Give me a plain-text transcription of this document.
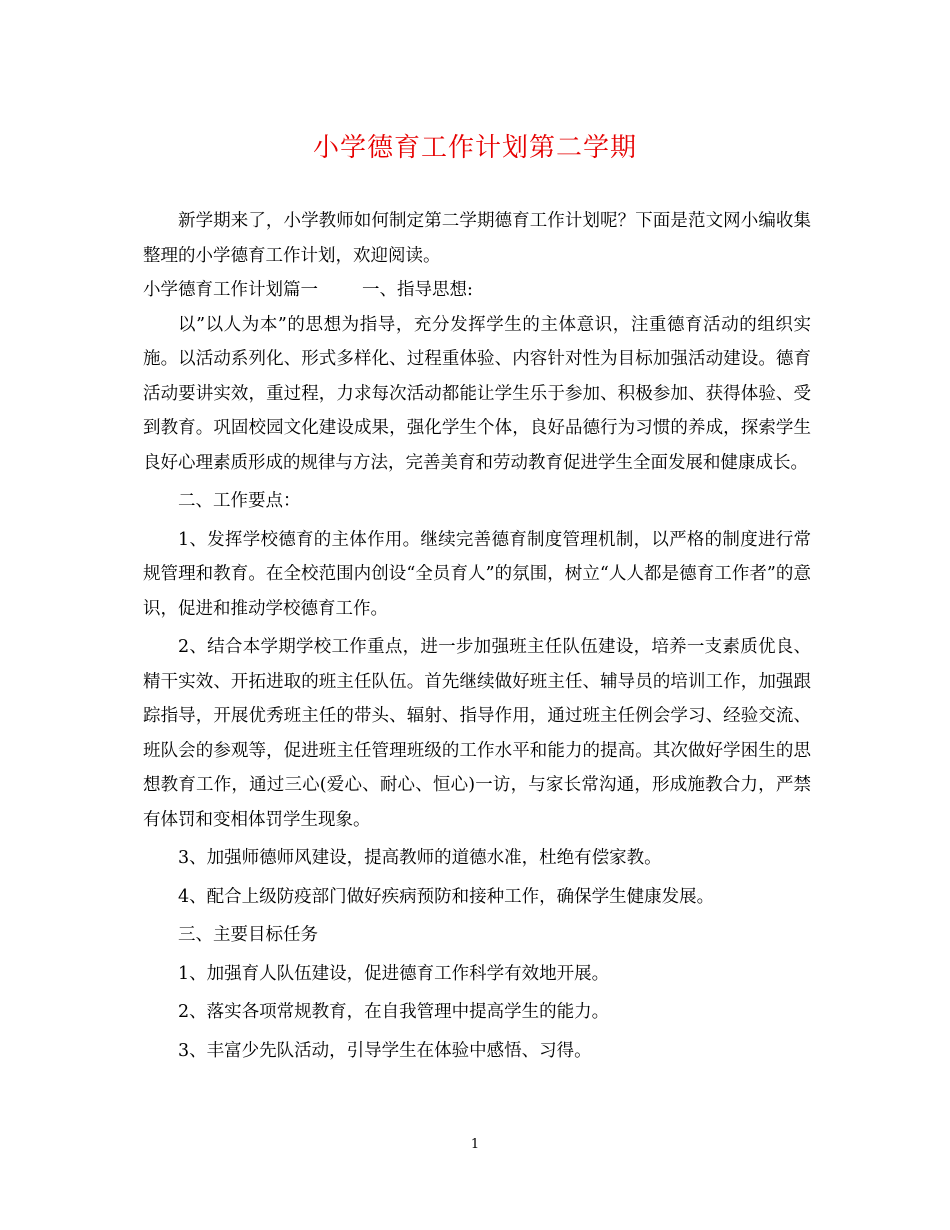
小学德育工作计划第二学期

新学期来了，小学教师如何制定第二学期德育工作计划呢？下面是范文网小编收集整理的小学德育工作计划，欢迎阅读。

小学德育工作计划篇一	一、指导思想:

以”以人为本”的思想为指导，充分发挥学生的主体意识，注重德育活动的组织实施。以活动系列化、形式多样化、过程重体验、内容针对性为目标加强活动建设。德育活动要讲实效，重过程，力求每次活动都能让学生乐于参加、积极参加、获得体验、受到教育。巩固校园文化建设成果，强化学生个体，良好品德行为习惯的养成，探索学生良好心理素质形成的规律与方法，完善美育和劳动教育促进学生全面发展和健康成长。

二、工作要点：

1、发挥学校德育的主体作用。继续完善德育制度管理机制，以严格的制度进行常规管理和教育。在全校范围内创设“全员育人”的氛围，树立“人人都是德育工作者”的意识，促进和推动学校德育工作。

2、结合本学期学校工作重点，进一步加强班主任队伍建设，培养一支素质优良、精干实效、开拓进取的班主任队伍。首先继续做好班主任、辅导员的培训工作，加强跟踪指导，开展优秀班主任的带头、辐射、指导作用，通过班主任例会学习、经验交流、班队会的参观等，促进班主任管理班级的工作水平和能力的提高。其次做好学困生的思想教育工作，通过三心(爱心、耐心、恒心)一访，与家长常沟通，形成施教合力，严禁有体罚和变相体罚学生现象。

3、加强师德师风建设，提高教师的道德水准，杜绝有偿家教。

4、配合上级防疫部门做好疾病预防和接种工作，确保学生健康发展。

三、主要目标任务

1、加强育人队伍建设，促进德育工作科学有效地开展。

2、落实各项常规教育，在自我管理中提高学生的能力。

3、丰富少先队活动，引导学生在体验中感悟、习得。

1
